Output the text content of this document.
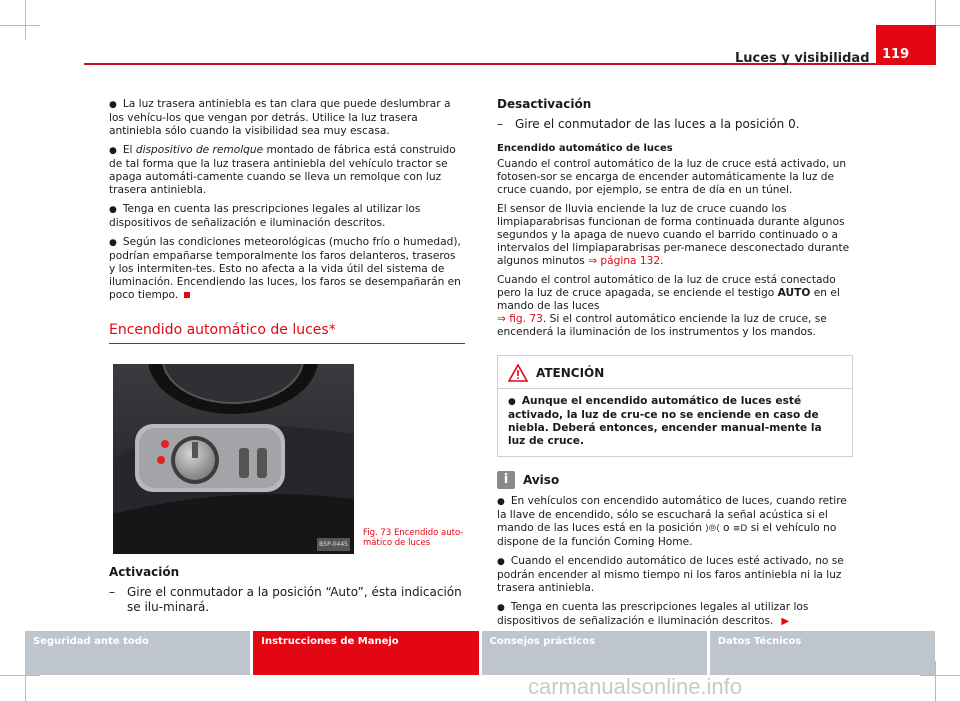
Luces y visibilidad 119

● La luz trasera antiniebla es tan clara que puede deslumbrar a los vehícu-los que vengan por detrás. Utilice la luz trasera antiniebla sólo cuando la visibilidad sea muy escasa.

● El dispositivo de remolque montado de fábrica está construido de tal forma que la luz trasera antiniebla del vehículo tractor se apaga automáti-camente cuando se lleva un remolque con luz trasera antiniebla.

● Tenga en cuenta las prescripciones legales al utilizar los dispositivos de señalización e iluminación descritos.

● Según las condiciones meteorológicas (mucho frío o humedad), podrían empañarse temporalmente los faros delanteros, traseros y los intermiten-tes. Esto no afecta a la vida útil del sistema de iluminación. Encendiendo las luces, los faros se desempañarán en poco tiempo.

Encendido automático de luces*
B5P-0445
Fig. 73 Encendido auto-mático de luces
Activación
–	Gire el conmutador a la posición “Auto”, ésta indicación se ilu-minará.
Desactivación
–	Gire el conmutador de las luces a la posición 0.
Encendido automático de luces

Cuando el control automático de la luz de cruce está activado, un fotosen-sor se encarga de encender automáticamente la luz de cruce cuando, por ejemplo, se entra de día en un túnel.

El sensor de lluvia enciende la luz de cruce cuando los limpiaparabrisas funcionan de forma continuada durante algunos segundos y la apaga de nuevo cuando el barrido continuado o a intervalos del limpiaparabrisas per-manece desconectado durante algunos minutos ⇒ página 132.

Cuando el control automático de la luz de cruce está conectado pero la luz de cruce apagada, se enciende el testigo AUTO en el mando de las luces
⇒ fig. 73. Si el control automático enciende la luz de cruce, se encenderá la iluminación de los instrumentos y los mandos.

ATENCIÓN
● Aunque el encendido automático de luces esté activado, la luz de cru-ce no se enciende en caso de niebla. Deberá entonces, encender manual-mente la luz de cruce.
i	Aviso

● En vehículos con encendido automático de luces, cuando retire la llave de encendido, sólo se escuchará la señal acústica si el mando de las luces está en la posición ⟩⦾⟨ o ≡D si el vehículo no dispone de la función Coming Home.

● Cuando el encendido automático de luces esté activado, no se podrán encender al mismo tiempo ni los faros antiniebla ni la luz trasera antiniebla.

● Tenga en cuenta las prescripciones legales al utilizar los dispositivos de señalización e iluminación descritos. ▶

Seguridad ante todo	Instrucciones de Manejo	Consejos prácticos	Datos Técnicos
carmanualsonline.info
